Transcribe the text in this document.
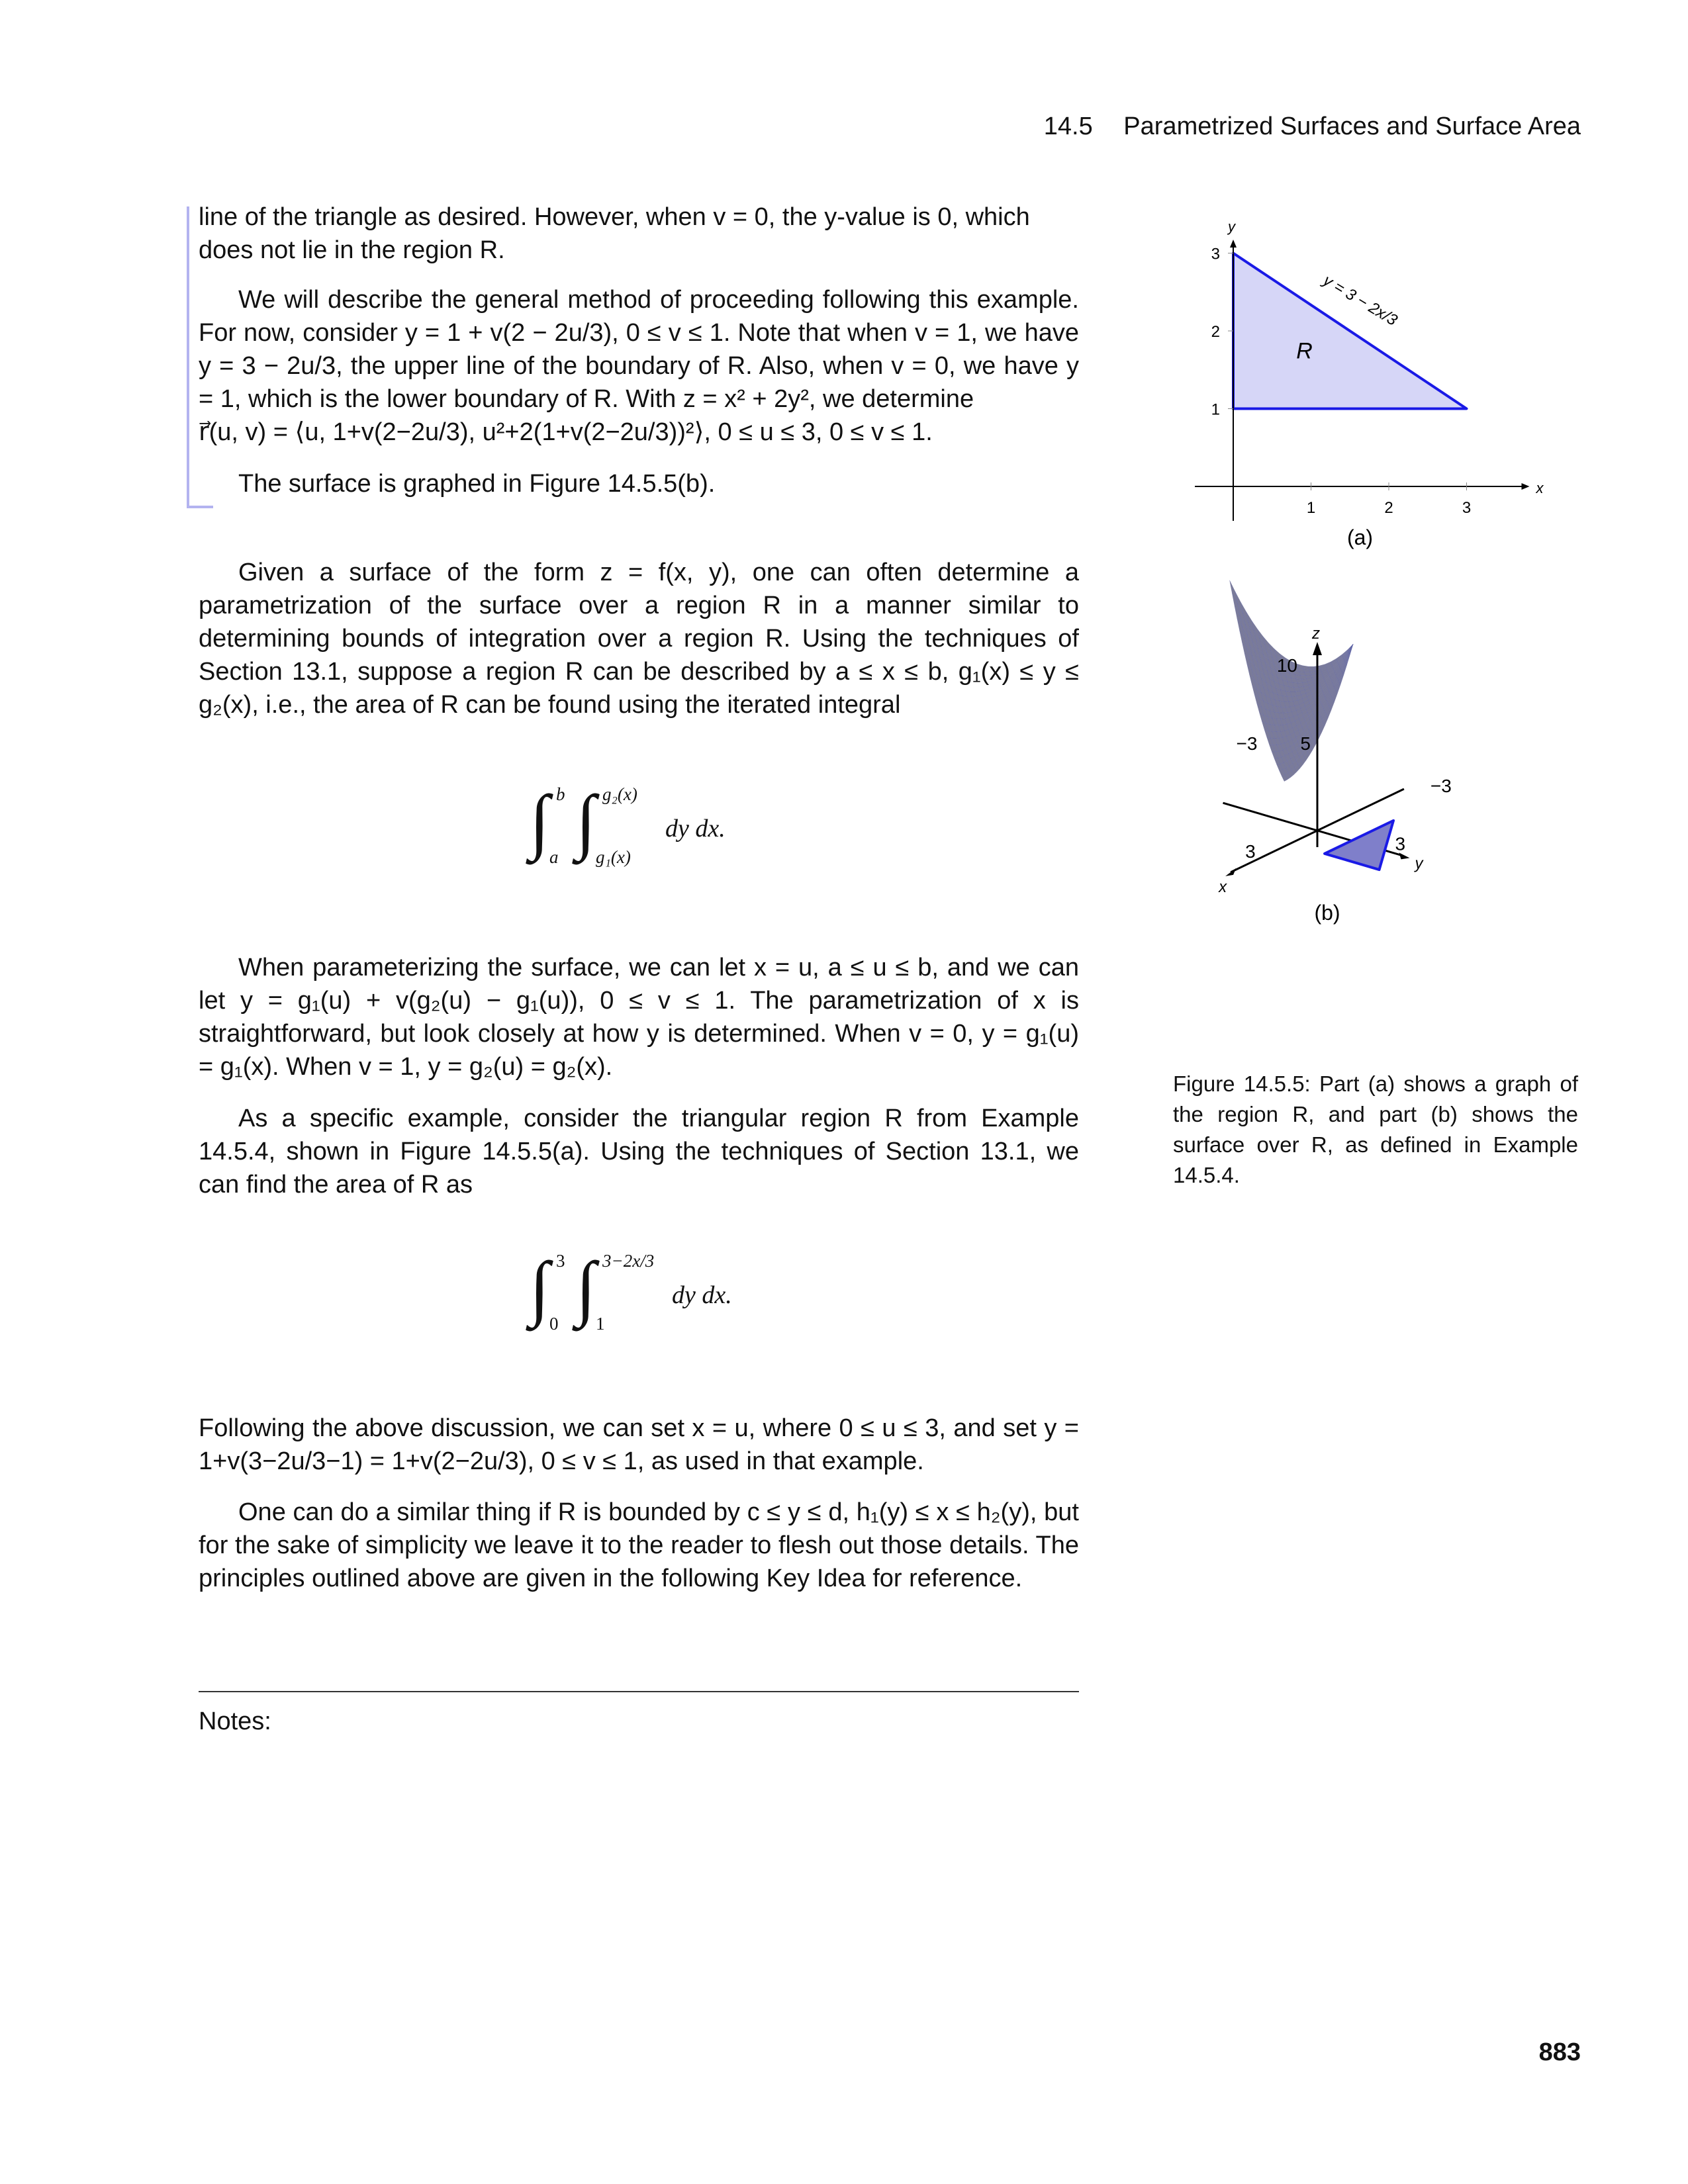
14.5 Parametrized Surfaces and Surface Area

line of the triangle as desired. However, when v = 0, the y-value is 0, which

does not lie in the region R.

We will describe the general method of proceeding following this example. For now, consider y = 1 + v(2 − 2u/3), 0 ≤ v ≤ 1. Note that when v = 1, we have y = 3 − 2u/3, the upper line of the boundary of R. Also, when v = 0, we have y = 1, which is the lower boundary of R. With z = x² + 2y², we determine

r⃗(u, v) = ⟨u, 1+v(2−2u/3), u²+2(1+v(2−2u/3))²⟩, 0 ≤ u ≤ 3, 0 ≤ v ≤ 1.

The surface is graphed in Figure 14.5.5(b).

Given a surface of the form z = f(x, y), one can often determine a parametrization of the surface over a region R in a manner similar to determining bounds of integration over a region R. Using the techniques of Section 13.1, suppose a region R can be described by a ≤ x ≤ b, g₁(x) ≤ y ≤ g₂(x), i.e., the area of R can be found using the iterated integral

∫ b
a ∫ g₂(x)
g₁(x)
dy dx.

When parameterizing the surface, we can let x = u, a ≤ u ≤ b, and we can let y = g₁(u) + v(g₂(u) − g₁(u)), 0 ≤ v ≤ 1. The parametrization of x is straightforward, but look closely at how y is determined. When v = 0, y = g₁(u) = g₁(x). When v = 1, y = g₂(u) = g₂(x).

As a specific example, consider the triangular region R from Example 14.5.4, shown in Figure 14.5.5(a). Using the techniques of Section 13.1, we can find the area of R as

∫ 3
0 ∫ 3−2x/3
1
dy dx.

Following the above discussion, we can set x = u, where 0 ≤ u ≤ 3, and set y = 1+v(3−2u/3−1) = 1+v(2−2u/3), 0 ≤ v ≤ 1, as used in that example.

One can do a similar thing if R is bounded by c ≤ y ≤ d, h₁(y) ≤ x ≤ h₂(y), but for the sake of simplicity we leave it to the reader to flesh out those details. The principles outlined above are given in the following Key Idea for reference.

Notes:
x
y
1	2	3
1
2
3
R
y = 3 − 2x/3
(a)
z
x
y
10
5
3
−3
−3
3
(b)
Figure 14.5.5: Part (a) shows a graph of the region R, and part (b) shows the surface over R, as defined in Example 14.5.4.
883
